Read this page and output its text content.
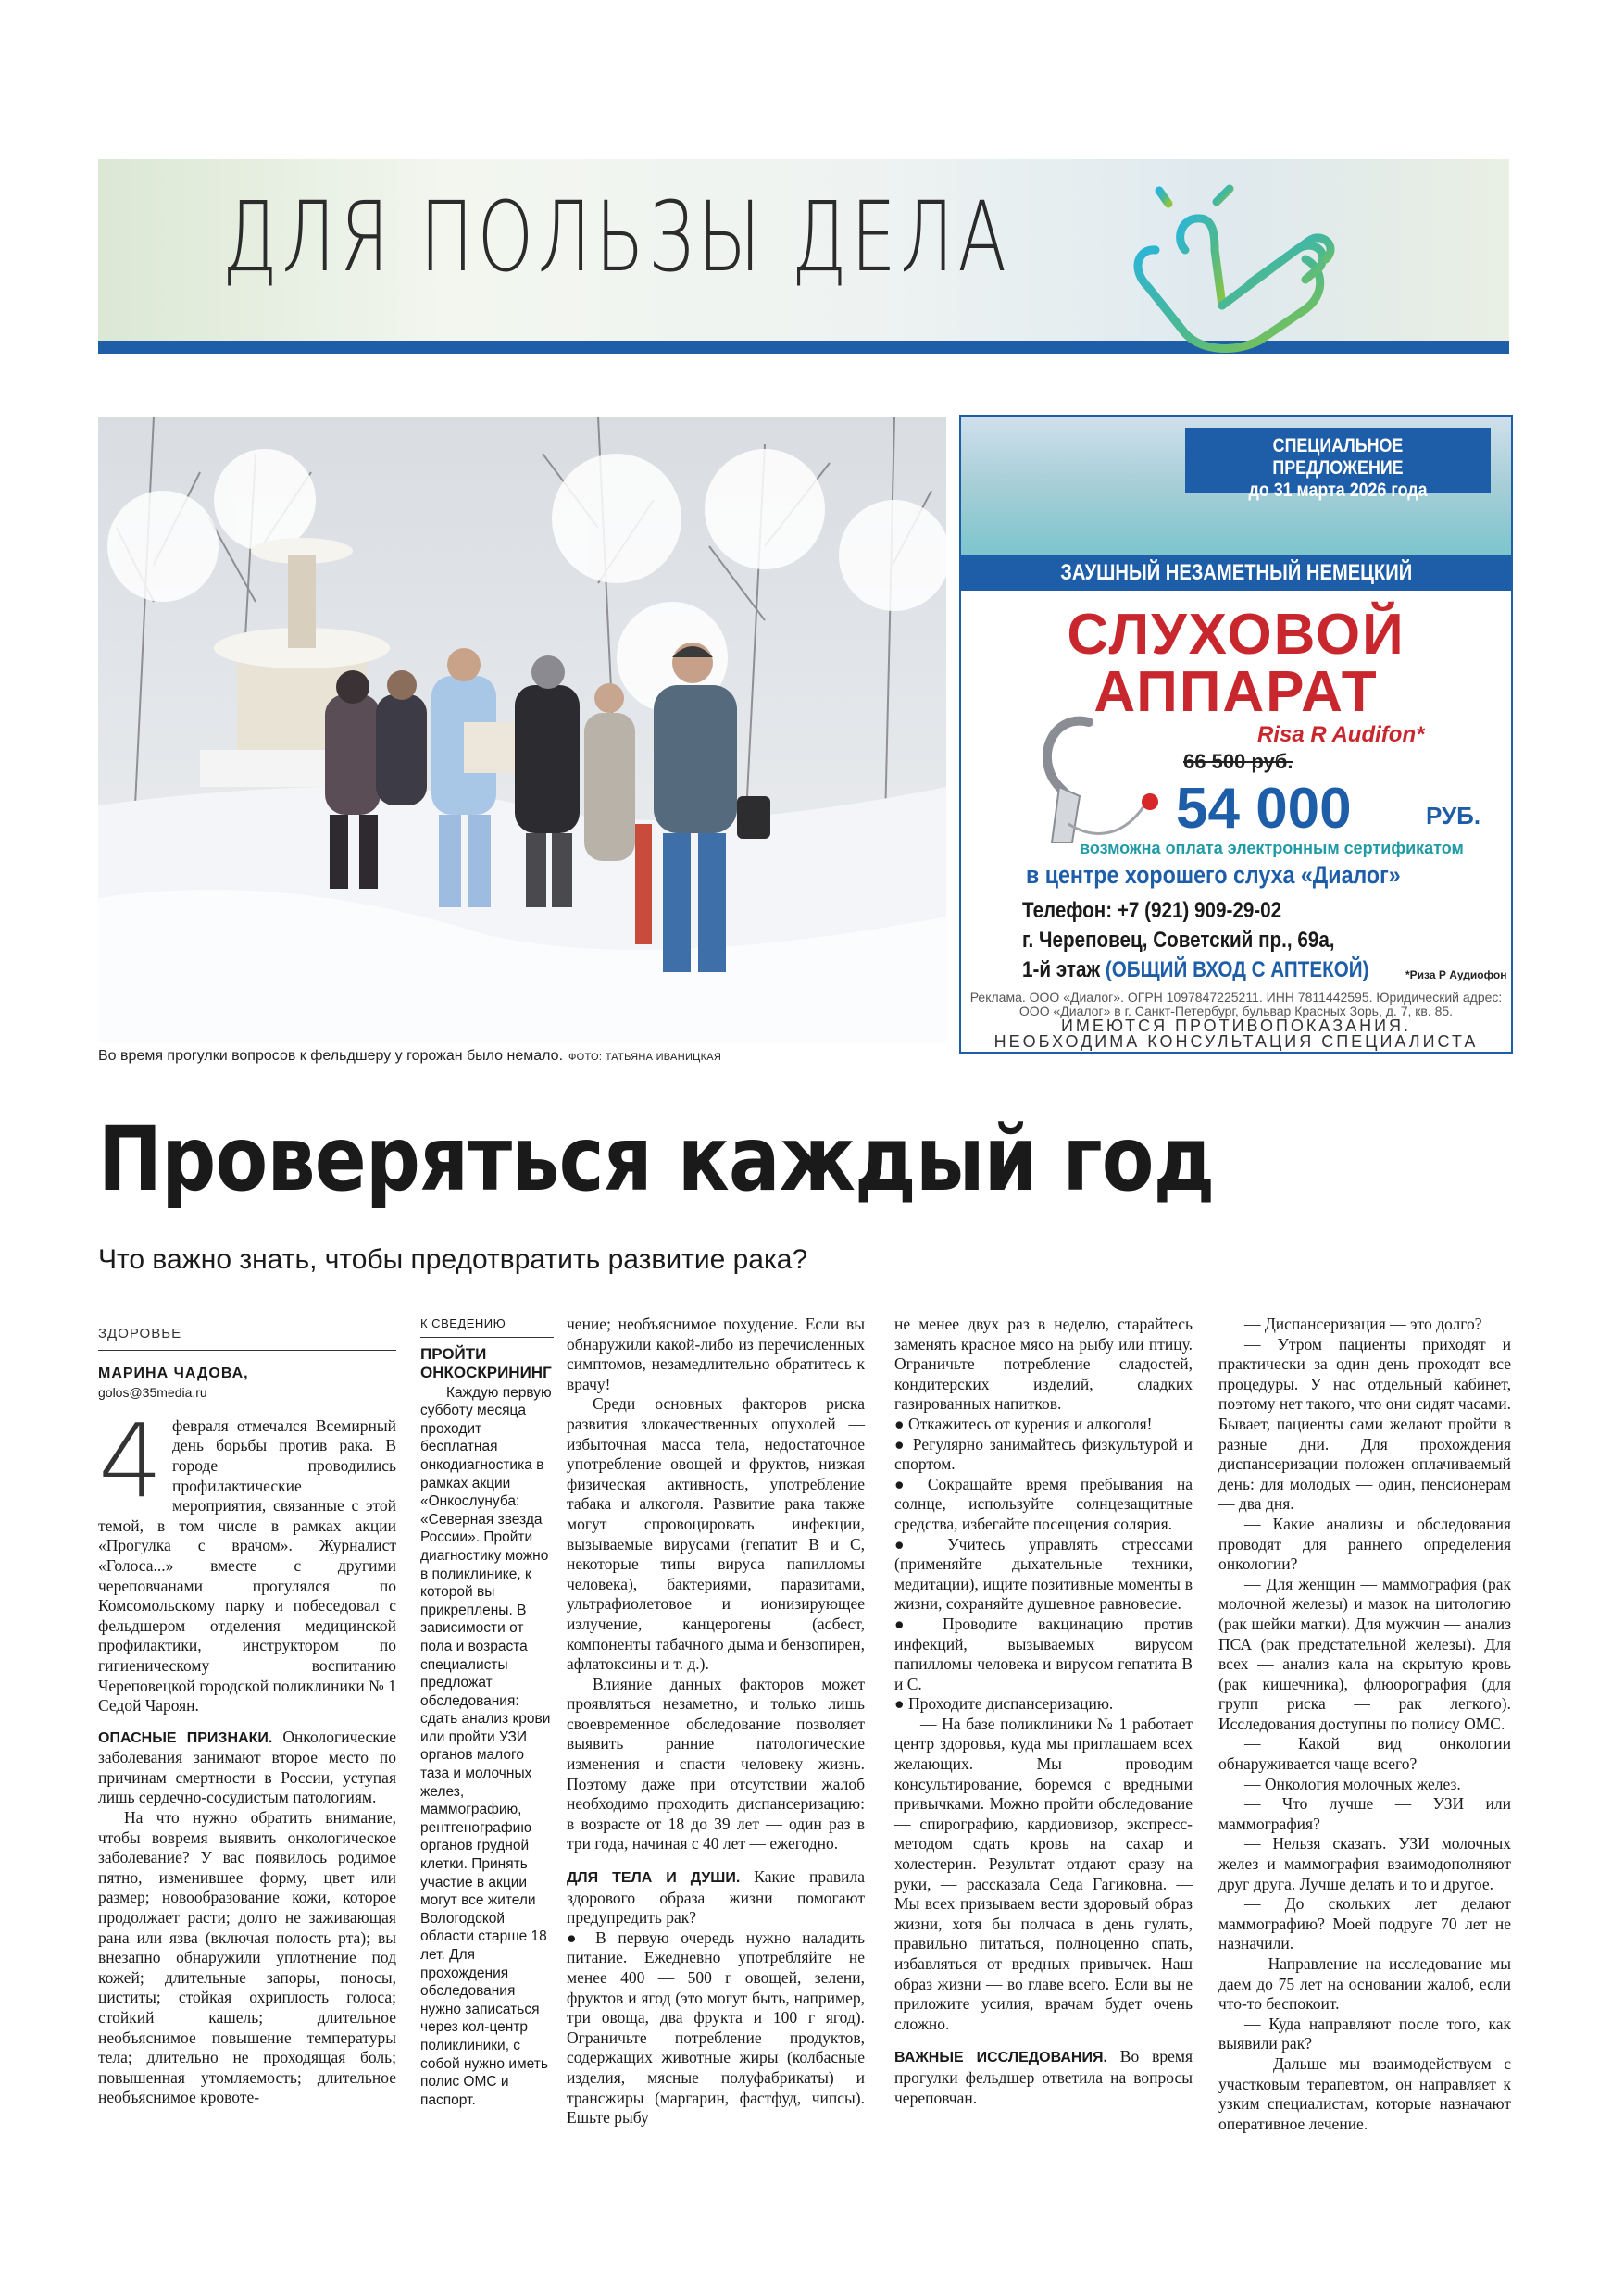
ДЛЯ ПОЛЬЗЫ ДЕЛА
Во время прогулки вопросов к фельдшеру у горожан было немало. ФОТО: ТАТЬЯНА ИВАНИЦКАЯ
СПЕЦИАЛЬНОЕ ПРЕДЛОЖЕНИЕ
до 31 марта 2026 года
ЗАУШНЫЙ НЕЗАМЕТНЫЙ НЕМЕЦКИЙ
СЛУХОВОЙ
АППАРАТ
Risa R Audifon*
66 500 руб.
54 000	РУБ.
возможна оплата электронным сертификатом
в центре хорошего слуха «Диалог»
Телефон: +7 (921) 909-29-02
г. Череповец, Советский пр., 69а,
1-й этаж (ОБЩИЙ ВХОД С АПТЕКОЙ)	*Риза Р Аудиофон
Реклама. ООО «Диалог». ОГРН 1097847225211. ИНН 7811442595. Юридический адрес: ООО «Диалог» в г. Санкт-Петербург, бульвар Красных Зорь, д. 7, кв. 85.
ИМЕЮТСЯ ПРОТИВОПОКАЗАНИЯ.
НЕОБХОДИМА КОНСУЛЬТАЦИЯ СПЕЦИАЛИСТА
Проверяться каждый год
Что важно знать, чтобы предотвратить развитие рака?
ЗДОРОВЬЕ
МАРИНА ЧАДОВА,
golos@35media.ru

4 февраля отмечался Всемирный день борьбы против рака. В городе проводились профилактические мероприятия, связанные с этой темой, в том числе в рамках акции «Прогулка с врачом». Журналист «Голоса...» вместе с другими череповчанами прогулялся по Комсомольскому парку и побеседовал с фельдшером отделения медицинской профилактики, инструктором по гигиеническому воспитанию Череповецкой городской поликлиники № 1 Седой Чароян.

ОПАСНЫЕ ПРИЗНАКИ. Онкологические заболевания занимают второе место по причинам смертности в России, уступая лишь сердечно-сосудистым патологиям.

На что нужно обратить внимание, чтобы вовремя выявить онкологическое заболевание? У вас появилось родимое пятно, изменившее форму, цвет или размер; новообразование кожи, которое продолжает расти; долго не заживающая рана или язва (включая полость рта); вы внезапно обнаружили уплотнение под кожей; длительные запоры, поносы, циститы; стойкая охриплость голоса; стойкий кашель; длительное необъяснимое повышение температуры тела; длительно не проходящая боль; повышенная утомляемость; длительное необъяснимое кровоте-

К СВЕДЕНИЮ
ПРОЙТИ ОНКОСКРИНИНГ

Каждую первую субботу месяца проходит бесплатная онкодиагностика в рамках акции «Онкослунуба: «Северная звезда России». Пройти диагностику можно в поликлинике, к которой вы прикреплены. В зависимости от пола и возраста специалисты предложат обследования: сдать анализ крови или пройти УЗИ органов малого таза и молочных желез, маммографию, рентгенографию органов грудной клетки. Принять участие в акции могут все жители Вологодской области старше 18 лет. Для прохождения обследования нужно записаться через кол-центр поликлиники, с собой нужно иметь полис ОМС и паспорт.

чение; необъяснимое похудение. Если вы обнаружили какой-либо из перечисленных симптомов, незамедлительно обратитесь к врачу!

Среди основных факторов риска развития злокачественных опухолей — избыточная масса тела, недостаточное употребление овощей и фруктов, низкая физическая активность, употребление табака и алкоголя. Развитие рака также могут спровоцировать инфекции, вызываемые вирусами (гепатит В и С, некоторые типы вируса папилломы человека), бактериями, паразитами, ультрафиолетовое и ионизирующее излучение, канцерогены (асбест, компоненты табачного дыма и бензопирен, афлатоксины и т. д.).

Влияние данных факторов может проявляться незаметно, и только лишь своевременное обследование позволяет выявить ранние патологические изменения и спасти человеку жизнь. Поэтому даже при отсутствии жалоб необходимо проходить диспансеризацию: в возрасте от 18 до 39 лет — один раз в три года, начиная с 40 лет — ежегодно.

ДЛЯ ТЕЛА И ДУШИ. Какие правила здорового образа жизни помогают предупредить рак?

● В первую очередь нужно наладить питание. Ежедневно употребляйте не менее 400 — 500 г овощей, зелени, фруктов и ягод (это могут быть, например, три овоща, два фрукта и 100 г ягод). Ограничьте потребление продуктов, содержащих животные жиры (колбасные изделия, мясные полуфабрикаты) и трансжиры (маргарин, фастфуд, чипсы). Ешьте рыбу

не менее двух раз в неделю, старайтесь заменять красное мясо на рыбу или птицу. Ограничьте потребление сладостей, кондитерских изделий, сладких газированных напитков.

● Откажитесь от курения и алкоголя!

● Регулярно занимайтесь физкультурой и спортом.

● Сокращайте время пребывания на солнце, используйте солнцезащитные средства, избегайте посещения солярия.

● Учитесь управлять стрессами (применяйте дыхательные техники, медитации), ищите позитивные моменты в жизни, сохраняйте душевное равновесие.

● Проводите вакцинацию против инфекций, вызываемых вирусом папилломы человека и вирусом гепатита В и С.

● Проходите диспансеризацию.

— На базе поликлиники № 1 работает центр здоровья, куда мы приглашаем всех желающих. Мы проводим консультирование, боремся с вредными привычками. Можно пройти обследование — спирографию, кардиовизор, экспресс-методом сдать кровь на сахар и холестерин. Результат отдают сразу на руки, — рассказала Седа Гагиковна. — Мы всех призываем вести здоровый образ жизни, хотя бы полчаса в день гулять, правильно питаться, полноценно спать, избавляться от вредных привычек. Наш образ жизни — во главе всего. Если вы не приложите усилия, врачам будет очень сложно.

ВАЖНЫЕ ИССЛЕДОВАНИЯ. Во время прогулки фельдшер ответила на вопросы череповчан.

— Диспансеризация — это долго?

— Утром пациенты приходят и практически за один день проходят все процедуры. У нас отдельный кабинет, поэтому нет такого, что они сидят часами. Бывает, пациенты сами желают пройти в разные дни. Для прохождения диспансеризации положен оплачиваемый день: для молодых — один, пенсионерам — два дня.

— Какие анализы и обследования проводят для раннего определения онкологии?

— Для женщин — маммография (рак молочной железы) и мазок на цитологию (рак шейки матки). Для мужчин — анализ ПСА (рак предстательной железы). Для всех — анализ кала на скрытую кровь (рак кишечника), флюорография (для групп риска — рак легкого). Исследования доступны по полису ОМС.

— Какой вид онкологии обнаруживается чаще всего?

— Онкология молочных желез.

— Что лучше — УЗИ или маммография?

— Нельзя сказать. УЗИ молочных желез и маммография взаимодополняют друг друга. Лучше делать и то и другое.

— До скольких лет делают маммографию? Моей подруге 70 лет не назначили.

— Направление на исследование мы даем до 75 лет на основании жалоб, если что-то беспокоит.

— Куда направляют после того, как выявили рак?

— Дальше мы взаимодействуем с участковым терапевтом, он направляет к узким специалистам, которые назначают оперативное лечение.
